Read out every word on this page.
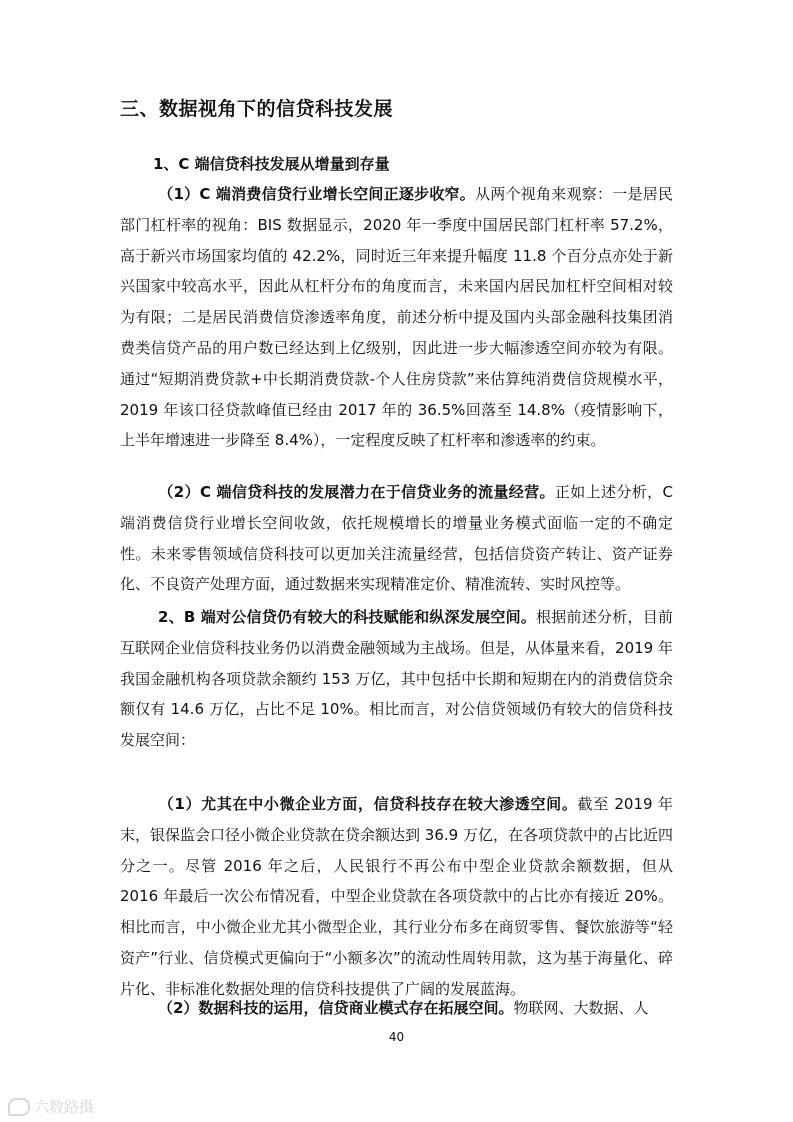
三、数据视角下的信贷科技发展
1、C 端信贷科技发展从增量到存量

（1）C 端消费信贷行业增长空间正逐步收窄。从两个视角来观察：一是居民部门杠杆率的视角：BIS 数据显示，2020 年一季度中国居民部门杠杆率 57.2%，高于新兴市场国家均值的 42.2%，同时近三年来提升幅度 11.8 个百分点亦处于新兴国家中较高水平，因此从杠杆分布的角度而言，未来国内居民加杠杆空间相对较为有限；二是居民消费信贷渗透率角度，前述分析中提及国内头部金融科技集团消费类信贷产品的用户数已经达到上亿级别，因此进一步大幅渗透空间亦较为有限。通过“短期消费贷款+中长期消费贷款-个人住房贷款”来估算纯消费信贷规模水平，2019 年该口径贷款峰值已经由 2017 年的 36.5%回落至 14.8%（疫情影响下，上半年增速进一步降至 8.4%），一定程度反映了杠杆率和渗透率的约束。

（2）C 端信贷科技的发展潜力在于信贷业务的流量经营。正如上述分析，C 端消费信贷行业增长空间收敛，依托规模增长的增量业务模式面临一定的不确定性。未来零售领域信贷科技可以更加关注流量经营，包括信贷资产转让、资产证券化、不良资产处理方面，通过数据来实现精准定价、精准流转、实时风控等。

2、B 端对公信贷仍有较大的科技赋能和纵深发展空间。根据前述分析，目前互联网企业信贷科技业务仍以消费金融领域为主战场。但是，从体量来看，2019 年我国金融机构各项贷款余额约 153 万亿，其中包括中长期和短期在内的消费信贷余额仅有 14.6 万亿，占比不足 10%。相比而言，对公信贷领域仍有较大的信贷科技发展空间：

（1）尤其在中小微企业方面，信贷科技存在较大渗透空间。截至 2019 年末，银保监会口径小微企业贷款在贷余额达到 36.9 万亿，在各项贷款中的占比近四分之一。尽管 2016 年之后，人民银行不再公布中型企业贷款余额数据，但从 2016 年最后一次公布情况看，中型企业贷款在各项贷款中的占比亦有接近 20%。相比而言，中小微企业尤其小微型企业，其行业分布多在商贸零售、餐饮旅游等“轻资产”行业、信贷模式更偏向于“小额多次”的流动性周转用款，这为基于海量化、碎片化、非标准化数据处理的信贷科技提供了广阔的发展蓝海。

（2）数据科技的运用，信贷商业模式存在拓展空间。物联网、大数据、人

40
六数路摄
